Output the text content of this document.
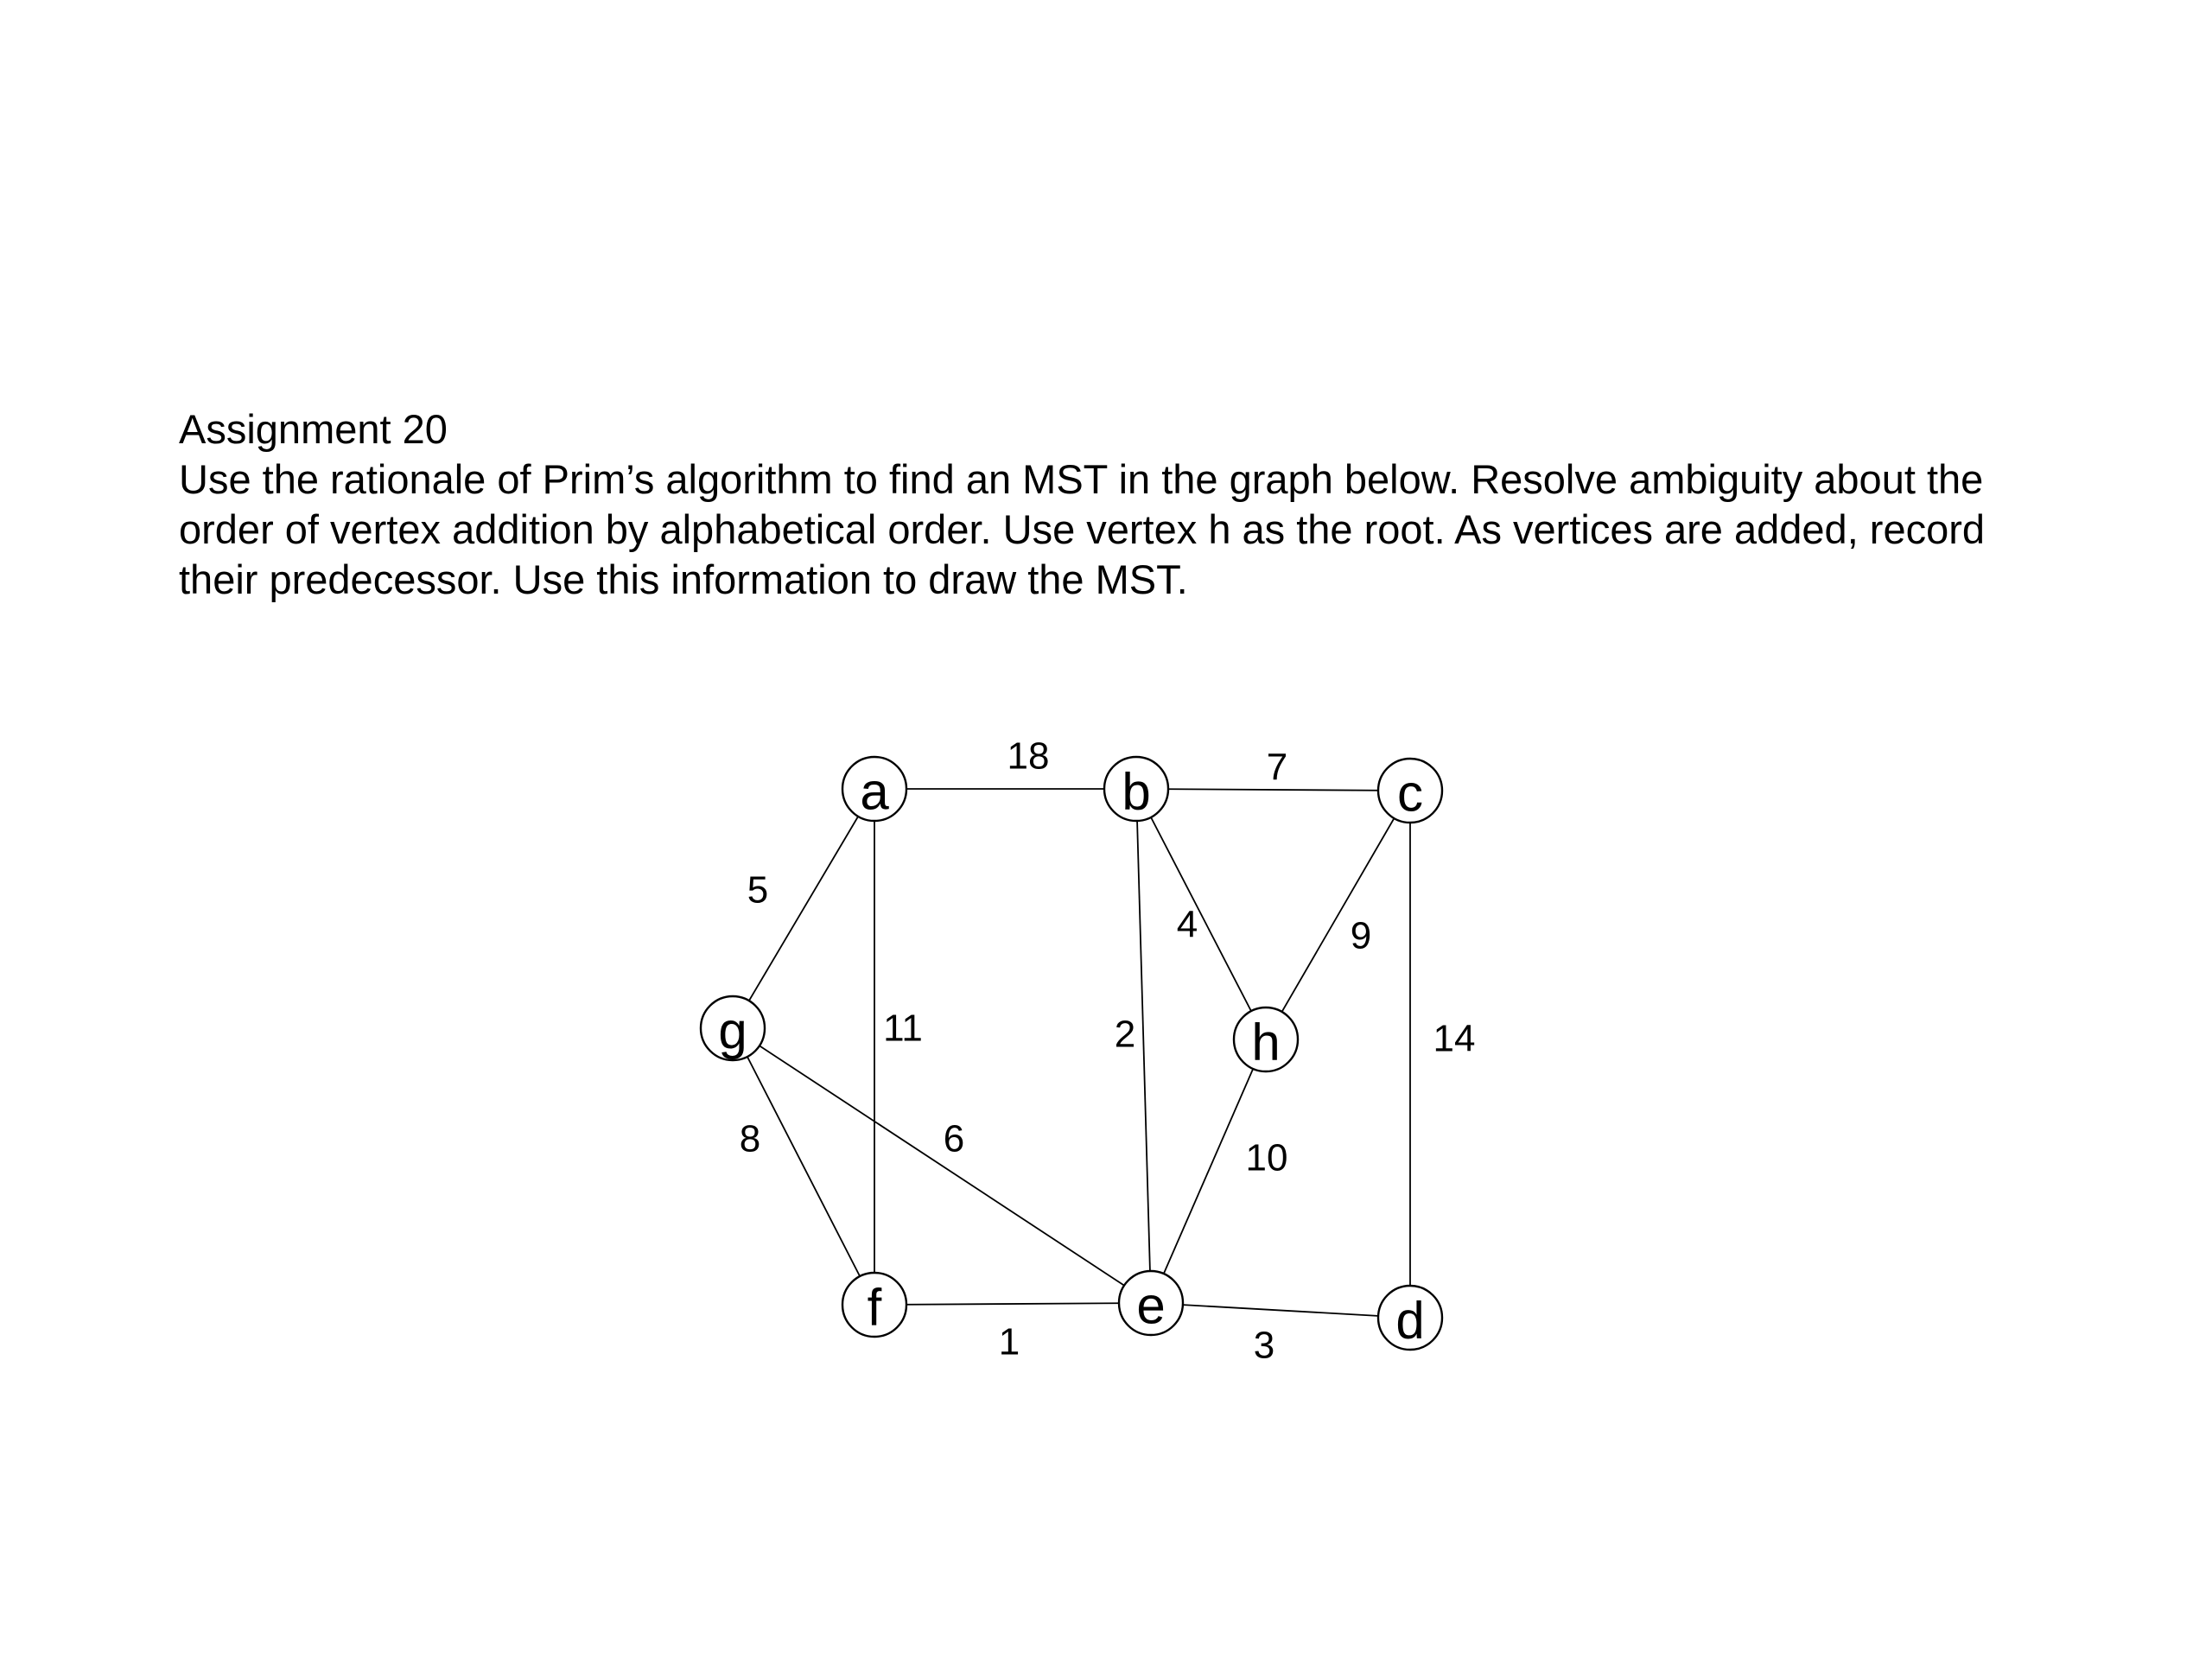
Assignment 20
Use the rationale of Prim’s algorithm to find an MST in the graph below. Resolve ambiguity about the
order of vertex addition by alphabetical order. Use vertex h as the root. As vertices are added, record
their predecessor. Use this information to draw the MST.
18	7
5
11	2
4	9
14
8	6	10
1	3
a	b	c
g	h
f	e	d
